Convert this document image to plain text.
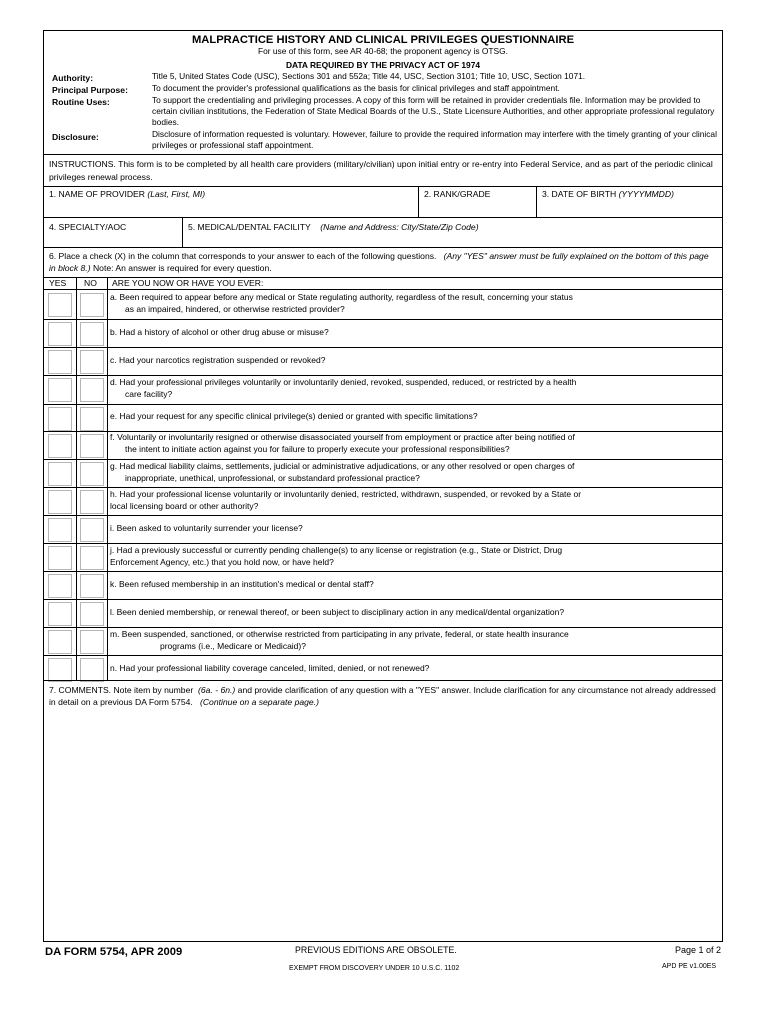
MALPRACTICE HISTORY AND CLINICAL PRIVILEGES QUESTIONNAIRE
For use of this form, see AR 40-68; the proponent agency is OTSG.
DATA REQUIRED BY THE PRIVACY ACT OF 1974
Authority:	Title 5, United States Code (USC), Sections 301 and 552a; Title 44, USC, Section 3101; Title 10, USC, Section 1071.
Principal Purpose:	To document the provider's professional qualifications as the basis for clinical privileges and staff appointment.
Routine Uses:	To support the credentialing and privileging processes. A copy of this form will be retained in provider credentials file. Information may be provided to certain civilian institutions, the Federation of State Medical Boards of the U.S., State Licensure Authorities, and other appropriate professional regulatory bodies.
Disclosure:	Disclosure of information requested is voluntary. However, failure to provide the required information may interfere with the timely granting of your clinical privileges or professional staff appointment.
INSTRUCTIONS. This form is to be completed by all health care providers (military/civilian) upon initial entry or re-entry into Federal Service, and as part of the periodic clinical privileges renewal process.
1. NAME OF PROVIDER (Last, First, MI)	2. RANK/GRADE	3. DATE OF BIRTH (YYYYMMDD)
4. SPECIALTY/AOC	5. MEDICAL/DENTAL FACILITY (Name and Address: City/State/Zip Code)
6. Place a check (X) in the column that corresponds to your answer to each of the following questions. (Any "YES" answer must be fully explained on the bottom of this page in block 8.) Note: An answer is required for every question.
YES NO ARE YOU NOW OR HAVE YOU EVER:
a. Been required to appear before any medical or State regulating authority, regardless of the result, concerning your status
as an impaired, hindered, or otherwise restricted provider?
b. Had a history of alcohol or other drug abuse or misuse?
c. Had your narcotics registration suspended or revoked?
d. Had your professional privileges voluntarily or involuntarily denied, revoked, suspended, reduced, or restricted by a health
care facility?
e. Had your request for any specific clinical privilege(s) denied or granted with specific limitations?
f. Voluntarily or involuntarily resigned or otherwise disassociated yourself from employment or practice after being notified of
the intent to initiate action against you for failure to properly execute your professional responsibilities?
g. Had medical liability claims, settlements, judicial or administrative adjudications, or any other resolved or open charges of
inappropriate, unethical, unprofessional, or substandard professional practice?
h. Had your professional license voluntarily or involuntarily denied, restricted, withdrawn, suspended, or revoked by a State or
local licensing board or other authority?
i. Been asked to voluntarily surrender your license?
j. Had a previously successful or currently pending challenge(s) to any license or registration (e.g., State or District, Drug
Enforcement Agency, etc.) that you hold now, or have held?
k. Been refused membership in an institution's medical or dental staff?
l. Been denied membership, or renewal thereof, or been subject to disciplinary action in any medical/dental organization?
m. Been suspended, sanctioned, or otherwise restricted from participating in any private, federal, or state health insurance
programs (i.e., Medicare or Medicaid)?
n. Had your professional liability coverage canceled, limited, denied, or not renewed?
7. COMMENTS. Note item by number (6a. - 6n.) and provide clarification of any question with a "YES" answer. Include clarification for any circumstance not already addressed in detail on a previous DA Form 5754. (Continue on a separate page.)
DA FORM 5754, APR 2009	PREVIOUS EDITIONS ARE OBSOLETE.	Page 1 of 2
EXEMPT FROM DISCOVERY UNDER 10 U.S.C. 1102	APD PE v1.00ES
